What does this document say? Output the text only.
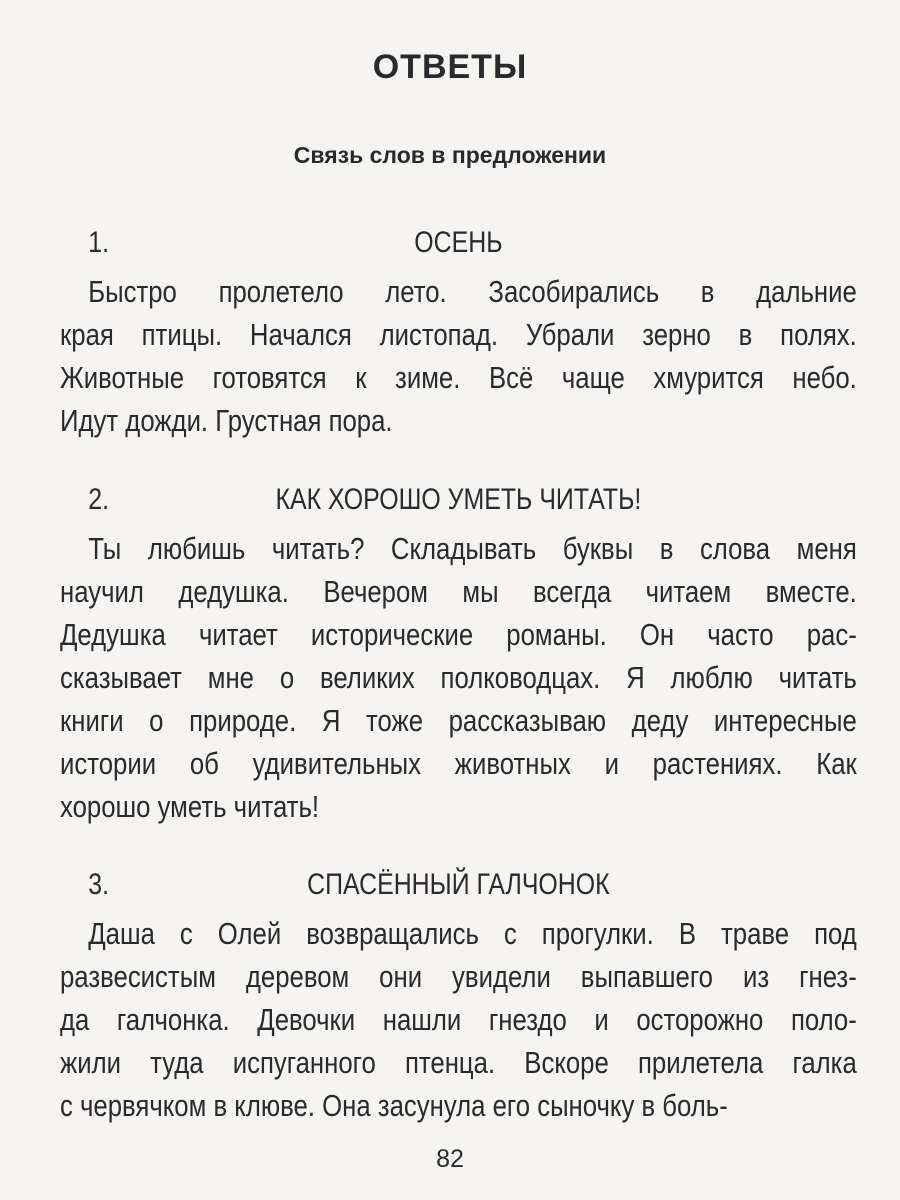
ОТВЕТЫ
Связь слов в предложении
1.	ОСЕНЬ
Быстро пролетело лето. Засобирались в дальние
края птицы. Начался листопад. Убрали зерно в полях.
Животные готовятся к зиме. Всё чаще хмурится небо.
Идут дожди. Грустная пора.
2.	КАК ХОРОШО УМЕТЬ ЧИТАТЬ!
Ты любишь читать? Складывать буквы в слова меня
научил дедушка. Вечером мы всегда читаем вместе.
Дедушка читает исторические романы. Он часто рас-
сказывает мне о великих полководцах. Я люблю читать
книги о природе. Я тоже рассказываю деду интересные
истории об удивительных животных и растениях. Как
хорошо уметь читать!
3.	СПАСЁННЫЙ ГАЛЧОНОК
Даша с Олей возвращались с прогулки. В траве под
развесистым деревом они увидели выпавшего из гнез-
да галчонка. Девочки нашли гнездо и осторожно поло-
жили туда испуганного птенца. Вскоре прилетела галка
с червячком в клюве. Она засунула его сыночку в боль-
82
